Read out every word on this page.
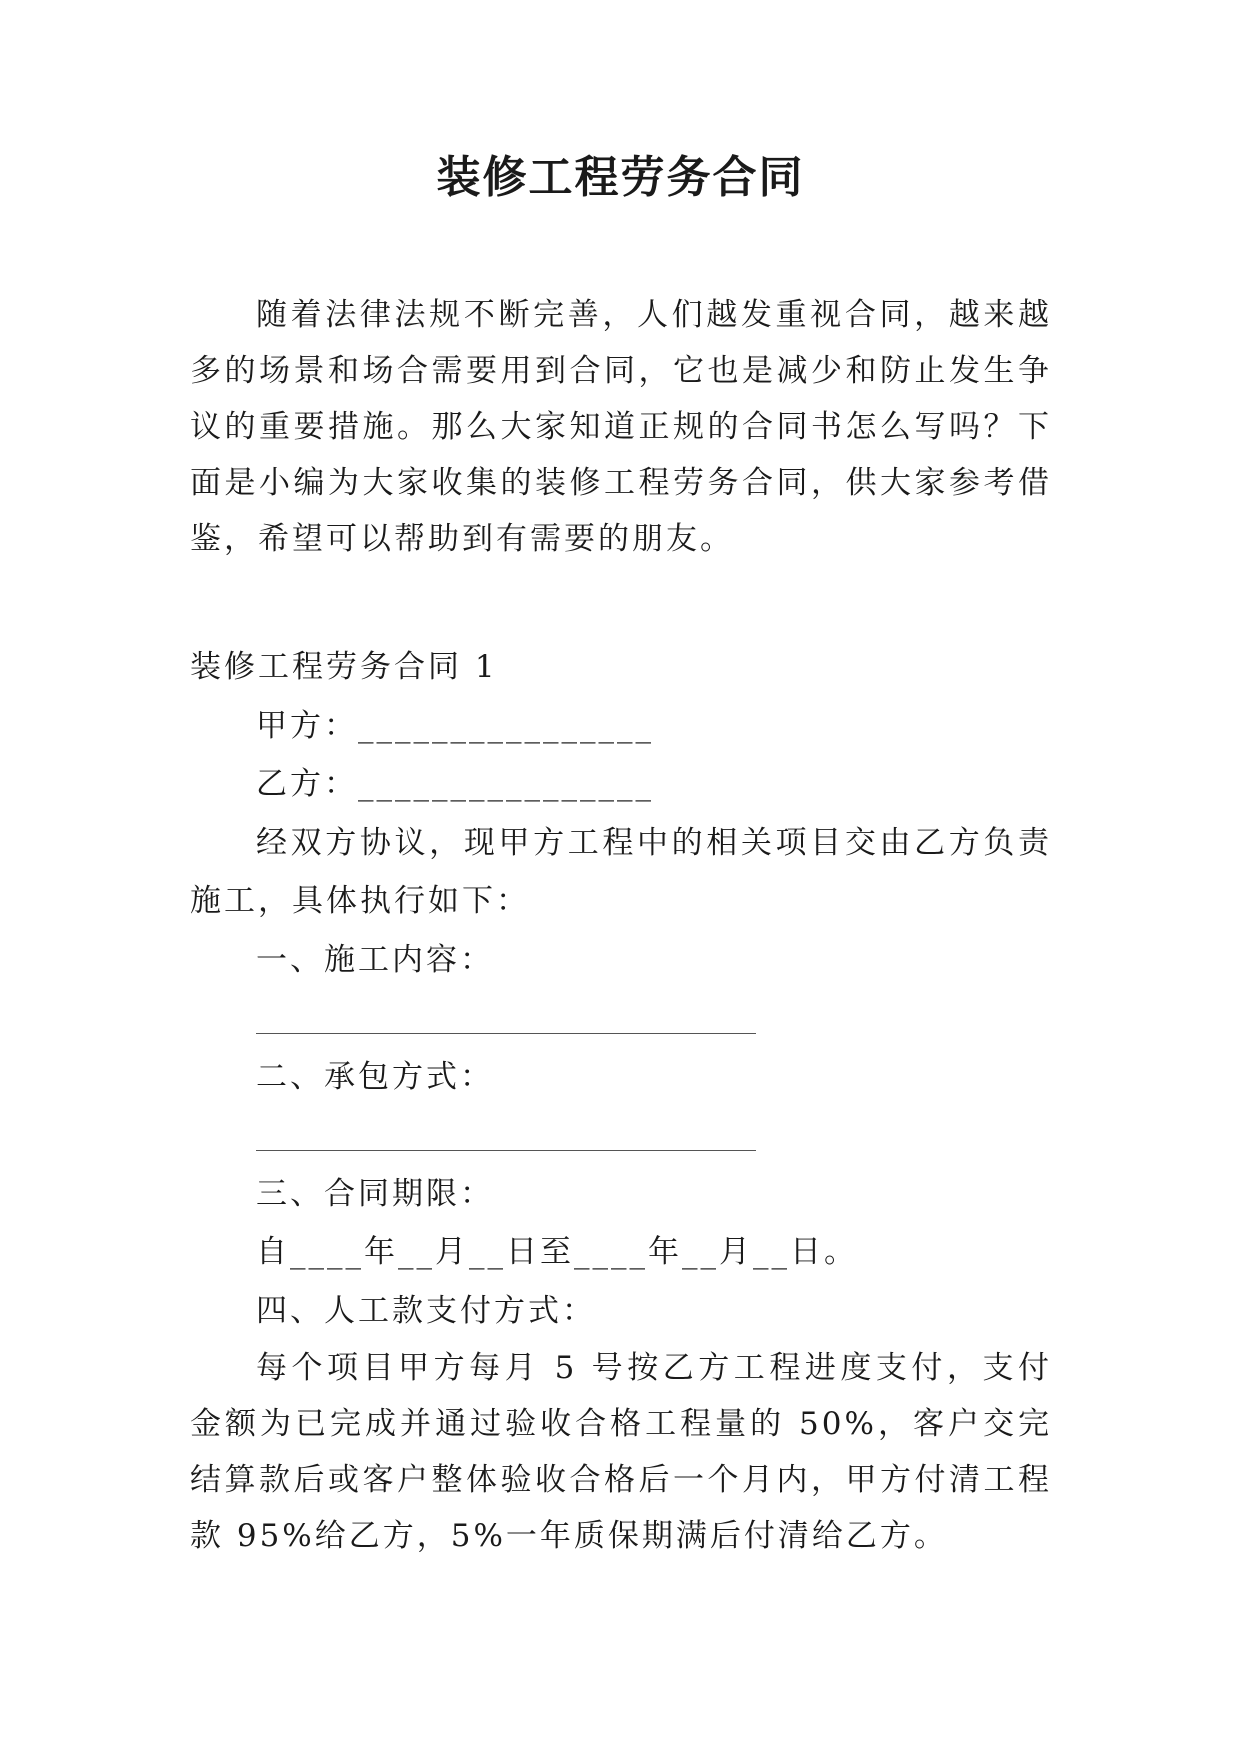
装修工程劳务合同

随着法律法规不断完善，人们越发重视合同，越来越多的场景和场合需要用到合同，它也是减少和防止发生争议的重要措施。那么大家知道正规的合同书怎么写吗？下面是小编为大家收集的装修工程劳务合同，供大家参考借鉴，希望可以帮助到有需要的朋友。

装修工程劳务合同 1

甲方：________________

乙方：________________

经双方协议，现甲方工程中的相关项目交由乙方负责施工，具体执行如下：

一、施工内容：

二、承包方式：

三、合同期限：

自____年__月__日至____年__月__日。

四、人工款支付方式：

每个项目甲方每月 5 号按乙方工程进度支付，支付金额为已完成并通过验收合格工程量的 50%，客户交完结算款后或客户整体验收合格后一个月内，甲方付清工程款 95%给乙方，5%一年质保期满后付清给乙方。
